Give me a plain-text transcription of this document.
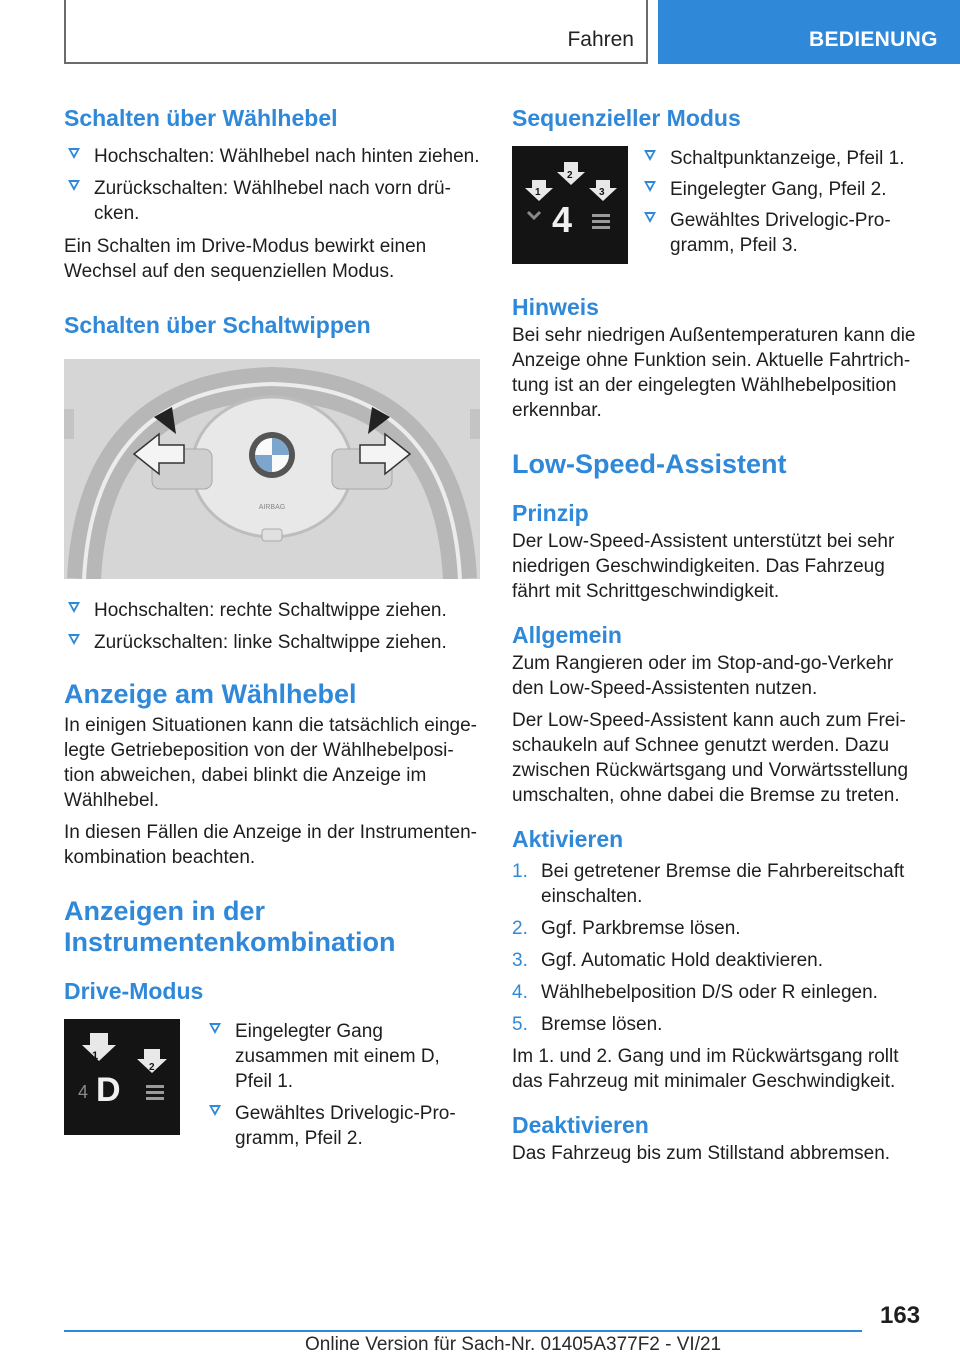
Fahren	BEDIENUNG
Schalten über Wählhebel
Hochschalten: Wählhebel nach hinten ziehen.
Zurückschalten: Wählhebel nach vorn drü- cken.

Ein Schalten im Drive-Modus bewirkt einen Wechsel auf den sequenziellen Modus.

Schalten über Schaltwippen
AIRBAG
Hochschalten: rechte Schaltwippe ziehen.
Zurückschalten: linke Schaltwippe ziehen.
Anzeige am Wählhebel

In einigen Situationen kann die tatsächlich einge- legte Getriebeposition von der Wählhebelposi- tion abweichen, dabei blinkt die Anzeige im Wählhebel.

In diesen Fällen die Anzeige in der Instrumenten- kombination beachten.

Anzeigen in der Instrumentenkombination
Drive-Modus
1
2
4 D
Eingelegter Gang zusammen mit einem D, Pfeil 1.
Gewähltes Drivelogic-Pro- gramm, Pfeil 2.
Sequenzieller Modus
1
2
3
4
Schaltpunktanzeige, Pfeil 1.
Eingelegter Gang, Pfeil 2.
Gewähltes Drivelogic-Pro- gramm, Pfeil 3.
Hinweis

Bei sehr niedrigen Außentemperaturen kann die Anzeige ohne Funktion sein. Aktuelle Fahrtrich- tung ist an der eingelegten Wählhebelposition erkennbar.

Low-Speed-Assistent
Prinzip

Der Low-Speed-Assistent unterstützt bei sehr niedrigen Geschwindigkeiten. Das Fahrzeug fährt mit Schrittgeschwindigkeit.

Allgemein

Zum Rangieren oder im Stop-and-go-Verkehr den Low-Speed-Assistenten nutzen.

Der Low-Speed-Assistent kann auch zum Frei- schaukeln auf Schnee genutzt werden. Dazu zwischen Rückwärtsgang und Vorwärtsstellung umschalten, ohne dabei die Bremse zu treten.

Aktivieren
1. Bei getretener Bremse die Fahrbereitschaft einschalten.
2. Ggf. Parkbremse lösen.
3. Ggf. Automatic Hold deaktivieren.
4. Wählhebelposition D/S oder R einlegen.
5. Bremse lösen.

Im 1. und 2. Gang und im Rückwärtsgang rollt das Fahrzeug mit minimaler Geschwindigkeit.

Deaktivieren

Das Fahrzeug bis zum Stillstand abbremsen.

163
Online Version für Sach-Nr. 01405A377F2 - VI/21
